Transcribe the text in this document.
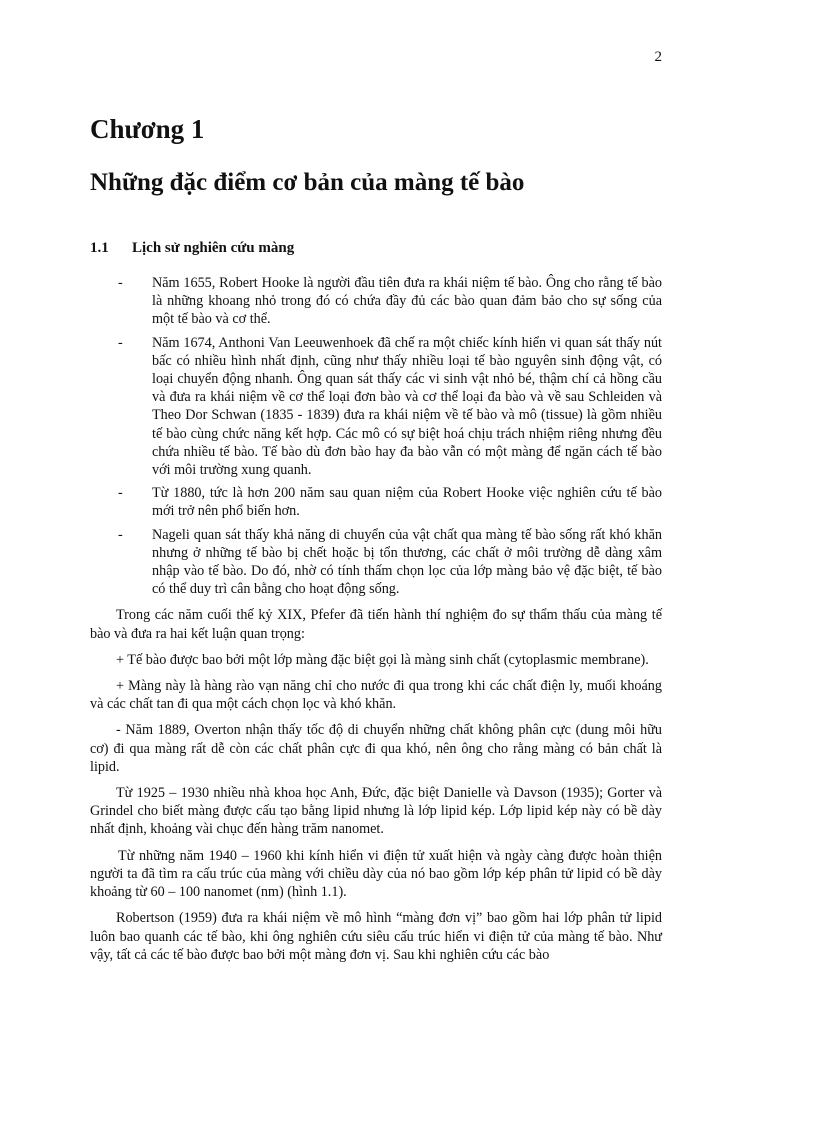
2
Chương 1
Những đặc điểm cơ bản của màng tế bào
1.1 Lịch sử nghiên cứu màng
- Năm 1655, Robert Hooke là người đầu tiên đưa ra khái niệm tế bào. Ông cho rằng tế bào là những khoang nhỏ trong đó có chứa đầy đủ các bào quan đảm bảo cho sự sống của một tế bào và cơ thể.
- Năm 1674, Anthoni Van Leeuwenhoek đã chế ra một chiếc kính hiển vi quan sát thấy nút bấc có nhiều hình nhất định, cũng như thấy nhiều loại tế bào nguyên sinh động vật, có loại chuyển động nhanh. Ông quan sát thấy các vi sinh vật nhỏ bé, thậm chí cả hồng cầu và đưa ra khái niệm về cơ thể loại đơn bào và cơ thể loại đa bào và về sau Schleiden và Theo Dor Schwan (1835 - 1839) đưa ra khái niệm về tế bào và mô (tissue) là gồm nhiều tế bào cùng chức năng kết hợp. Các mô có sự biệt hoá chịu trách nhiệm riêng nhưng đều chứa nhiều tế bào. Tế bào dù đơn bào hay đa bào vẫn có một màng để ngăn cách tế bào với môi trường xung quanh.
- Từ 1880, tức là hơn 200 năm sau quan niệm của Robert Hooke việc nghiên cứu tế bào mới trở nên phổ biến hơn.
- Nageli quan sát thấy khả năng di chuyển của vật chất qua màng tế bào sống rất khó khăn nhưng ở những tế bào bị chết hoặc bị tổn thương, các chất ở môi trường dễ dàng xâm nhập vào tế bào. Do đó, nhờ có tính thấm chọn lọc của lớp màng bảo vệ đặc biệt, tế bào có thể duy trì cân bằng cho hoạt động sống.

Trong các năm cuối thế kỷ XIX, Pfefer đã tiến hành thí nghiệm đo sự thẩm thấu của màng tế bào và đưa ra hai kết luận quan trọng:

+ Tế bào được bao bởi một lớp màng đặc biệt gọi là màng sinh chất (cytoplasmic membrane).

+ Màng này là hàng rào vạn năng chỉ cho nước đi qua trong khi các chất điện ly, muối khoáng và các chất tan đi qua một cách chọn lọc và khó khăn.

- Năm 1889, Overton nhận thấy tốc độ di chuyển những chất không phân cực (dung môi hữu cơ) đi qua màng rất dễ còn các chất phân cực đi qua khó, nên ông cho rằng màng có bản chất là lipid.

Từ 1925 – 1930 nhiều nhà khoa học Anh, Đức, đặc biệt Danielle và Davson (1935); Gorter và Grindel cho biết màng được cấu tạo bằng lipid nhưng là lớp lipid kép. Lớp lipid kép này có bề dày nhất định, khoảng vài chục đến hàng trăm nanomet.

Từ những năm 1940 – 1960 khi kính hiển vi điện tử xuất hiện và ngày càng được hoàn thiện người ta đã tìm ra cấu trúc của màng với chiều dày của nó bao gồm lớp kép phân tử lipid có bề dày khoảng từ 60 – 100 nanomet (nm) (hình 1.1).

Robertson (1959) đưa ra khái niệm về mô hình “màng đơn vị” bao gồm hai lớp phân tử lipid luôn bao quanh các tế bào, khi ông nghiên cứu siêu cấu trúc hiển vi điện tử của màng tế bào. Như vậy, tất cả các tế bào được bao bởi một màng đơn vị. Sau khi nghiên cứu các bào
